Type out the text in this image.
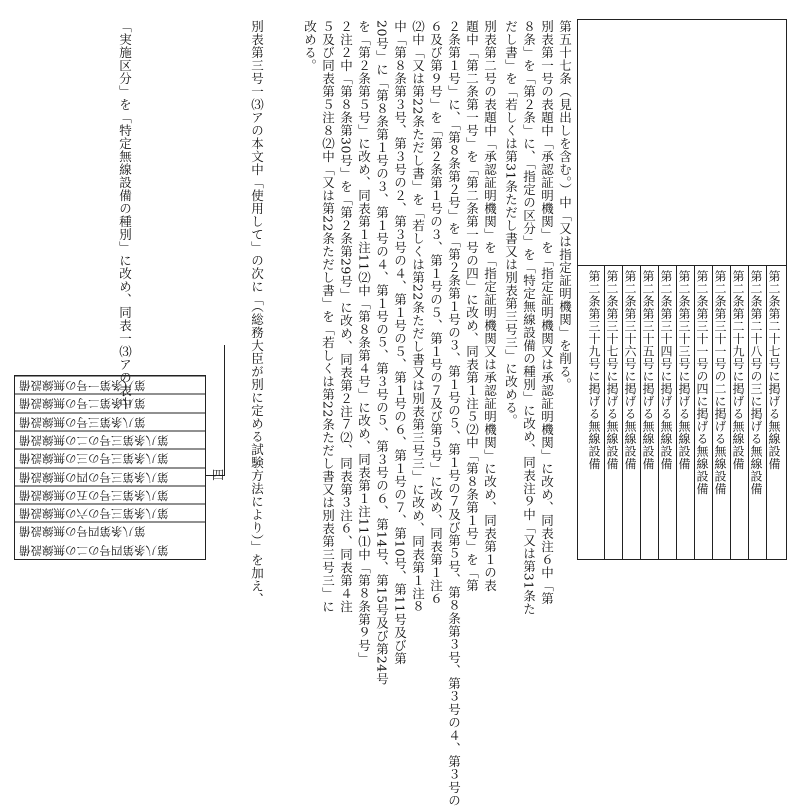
第二条第二十七号に掲げる無線設備
第二条第二十八号の三に掲げる無線設備
第二条第二十九号に掲げる無線設備
第二条第三十一号の二に掲げる無線設備
第二条第三十一号の四に掲げる無線設備
第二条第三十三号に掲げる無線設備
第二条第三十四号に掲げる無線設備
第二条第三十五号に掲げる無線設備
第二条第三十六号に掲げる無線設備
第二条第三十七号に掲げる無線設備
第二条第三十九号に掲げる無線設備
第五十七条（見出しを含む。）中「又は指定証明機関」を削る。
別表第一号の表題中「承認証明機関」を「指定証明機関又は承認証明機関」に改め、同表注６中「第
８条」を「第２条」に、「指定の区分」を「特定無線設備の種別」に改め、同表注９中「又は第31条た
だし書」を「若しくは第31条ただし書又は別表第三号三」に改める。
別表第二号の表題中「承認証明機関」を「指定証明機関又は承認証明機関」に改め、同表第１の表
題中「第二条第一号」を「第二条第一号の四」に改め、同表第１注５⑵中「第８条第１号」を「第
２条第１号」に、「第８条第２号」を「第２条第１号の３、第１号の５、第１号の７及び第５号、第８条第３号、第３号の４、第３号の
６及び第９号」を「第２条第１号の３、第１号の５、第１号の７及び第５号」に改め、同表第１注６
⑵中「又は第22条ただし書」を「若しくは第22条ただし書又は別表第三号三」に改め、同表第１注８
中「第８条第３号、第３号の２、第３号の４、第１号の５、第１号の６、第１号の７、第10号、第11号及び第
20号」に「第８条第１号の３、第１号の４、第１号の５、第３号の５、第３号の６、第14号、第15号及び第24号
を「第２条第５号」に改め、同表第１注11⑵中「第８条第４号」に改め、同表第１注11⑴中「第８条第９号」
２注２中「第８条第30号」を「第２条第29号」に改め、同表第２注７⑵、同表第３注６、同表第４注
５及び同表第５注８⑵中「又は第22条ただし書」を「若しくは第22条ただし書又は別表第三号三」に
改める。
別表第三号一⑶アの本文中「使用して」の次に「（総務大臣が別に定める試験方法により）」を加え、
「実施区分」を「特定無線設備の種別」に改め、同表一⑶アの表中
四
第八条第一号の無線設備
第八条第二号の無線設備
第八条第三号の無線設備
第八条第三号の二の無線設備
第八条第三号の三の無線設備
第八条第三号の四の無線設備
第八条第三号の五の無線設備
第八条第三号の六の無線設備
第八条第四号の無線設備
第八条第四号の二の無線設備
